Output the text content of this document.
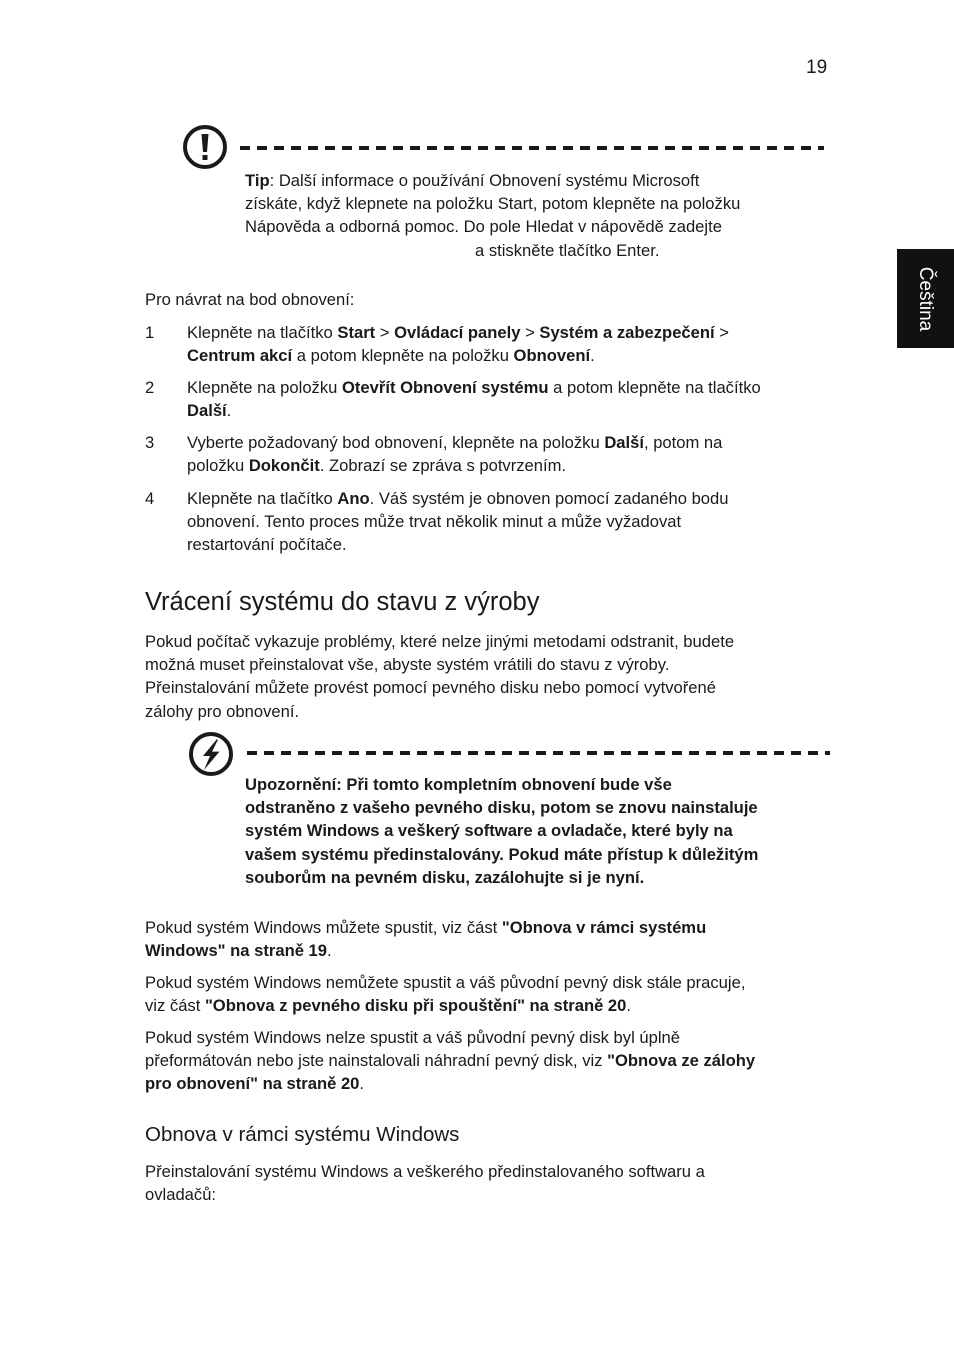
19
Čeština
Tip: Další informace o používání Obnovení systému Microsoft
získáte, když klepnete na položku Start, potom klepněte na položku
Nápověda a odborná pomoc. Do pole Hledat v nápovědě zadejte
a stiskněte tlačítko Enter.
Pro návrat na bod obnovení:
1 Klepněte na tlačítko Start > Ovládací panely > Systém a zabezpečení >
Centrum akcí a potom klepněte na položku Obnovení.
2 Klepněte na položku Otevřít Obnovení systému a potom klepněte na tlačítko
Další.
3 Vyberte požadovaný bod obnovení, klepněte na položku Další, potom na
položku Dokončit. Zobrazí se zpráva s potvrzením.
4 Klepněte na tlačítko Ano. Váš systém je obnoven pomocí zadaného bodu
obnovení. Tento proces může trvat několik minut a může vyžadovat
restartování počítače.
Vrácení systému do stavu z výroby
Pokud počítač vykazuje problémy, které nelze jinými metodami odstranit, budete
možná muset přeinstalovat vše, abyste systém vrátili do stavu z výroby.
Přeinstalování můžete provést pomocí pevného disku nebo pomocí vytvořené
zálohy pro obnovení.
Upozornění: Při tomto kompletním obnovení bude vše
odstraněno z vašeho pevného disku, potom se znovu nainstaluje
systém Windows a veškerý software a ovladače, které byly na
vašem systému předinstalovány. Pokud máte přístup k důležitým
souborům na pevném disku, zazálohujte si je nyní.
Pokud systém Windows můžete spustit, viz část "Obnova v rámci systému
Windows" na straně 19.
Pokud systém Windows nemůžete spustit a váš původní pevný disk stále pracuje,
viz část "Obnova z pevného disku při spouštění" na straně 20.
Pokud systém Windows nelze spustit a váš původní pevný disk byl úplně
přeformátován nebo jste nainstalovali náhradní pevný disk, viz "Obnova ze zálohy
pro obnovení" na straně 20.
Obnova v rámci systému Windows
Přeinstalování systému Windows a veškerého předinstalovaného softwaru a
ovladačů:
